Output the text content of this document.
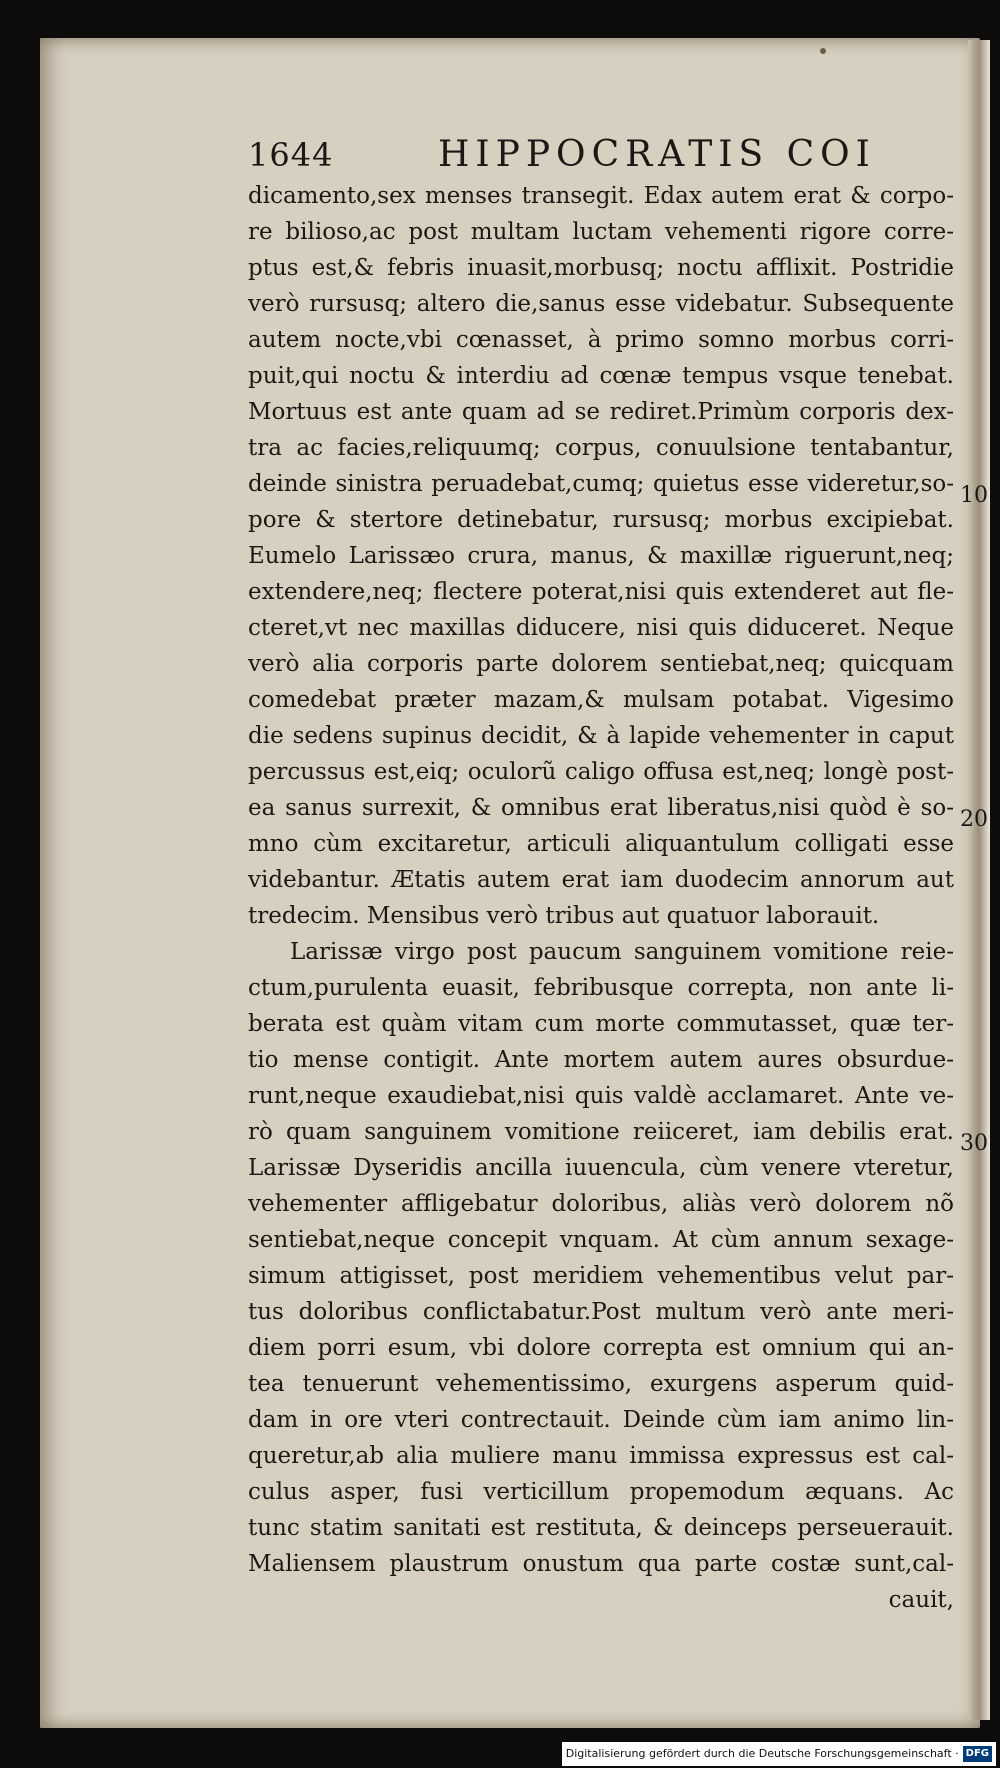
1644	HIPPOCRATIS COI
dicamento,sex menses transegit. Edax autem erat & corpo-
re bilioso,ac post multam luctam vehementi rigore corre-
ptus est,& febris inuasit,morbusq; noctu afflixit. Postridie
verò rursusq; altero die,sanus esse videbatur. Subsequente
autem nocte,vbi cœnasset, à primo somno morbus corri-
puit,qui noctu & interdiu ad cœnæ tempus vsque tenebat.
Mortuus est ante quam ad se rediret.Primùm corporis dex-
tra ac facies,reliquumq; corpus, conuulsione tentabantur,
deinde sinistra peruadebat,cumq; quietus esse videretur,so-
pore & stertore detinebatur, rursusq; morbus excipiebat.
Eumelo Larissæo crura, manus, & maxillæ riguerunt,neq;
extendere,neq; flectere poterat,nisi quis extenderet aut fle-
cteret,vt nec maxillas diducere, nisi quis diduceret. Neque
verò alia corporis parte dolorem sentiebat,neq; quicquam
comedebat præter mazam,& mulsam potabat. Vigesimo
die sedens supinus decidit, & à lapide vehementer in caput
percussus est,eiq; oculorũ caligo offusa est,neq; longè post-
ea sanus surrexit, & omnibus erat liberatus,nisi quòd è so-
mno cùm excitaretur, articuli aliquantulum colligati esse
videbantur. Ætatis autem erat iam duodecim annorum aut
tredecim. Mensibus verò tribus aut quatuor laborauit.
Larissæ virgo post paucum sanguinem vomitione reie-
ctum,purulenta euasit, febribusque correpta, non ante li-
berata est quàm vitam cum morte commutasset, quæ ter-
tio mense contigit. Ante mortem autem aures obsurdue-
runt,neque exaudiebat,nisi quis valdè acclamaret. Ante ve-
rò quam sanguinem vomitione reiiceret, iam debilis erat.
Larissæ Dyseridis ancilla iuuencula, cùm venere vteretur,
vehementer affligebatur doloribus, aliàs verò dolorem nõ
sentiebat,neque concepit vnquam. At cùm annum sexage-
simum attigisset, post meridiem vehementibus velut par-
tus doloribus conflictabatur.Post multum verò ante meri-
diem porri esum, vbi dolore correpta est omnium qui an-
tea tenuerunt vehementissimo, exurgens asperum quid-
dam in ore vteri contrectauit. Deinde cùm iam animo lin-
queretur,ab alia muliere manu immissa expressus est cal-
culus asper, fusi verticillum propemodum æquans. Ac
tunc statim sanitati est restituta, & deinceps perseuerauit.
Maliensem plaustrum onustum qua parte costæ sunt,cal-
cauit,
10
20
30
Digitalisierung gefördert durch die Deutsche Forschungsgemeinschaft · DFG
